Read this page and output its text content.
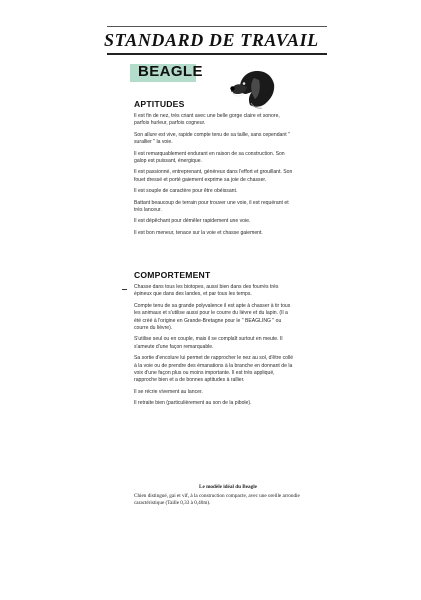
STANDARD DE TRAVAIL
BEAGLE
APTITUDES

Il est fin de nez, très criant avec une belle gorge claire et sonore, parfois hurleur, parfois cogneur.

Son allure est vive, rapide compte tenu de sa taille, sans cependant " surallier " la voie.

Il est remarquablement endurant en raison de sa construction. Son galop est puissant, énergique.

Il est passionné, entreprenant, généreux dans l'effort et grouillant. Son fouet dressé et porté gaiement exprime sa joie de chasser.

Il est souple de caractère pour être obéissant.

Battant beaucoup de terrain pour trouver une voie, il est requérant et très lanceur.

Il est dépêchant pour démêler rapidement une voie.

Il est bon meneur, tenace sur la voie et chasse gaiement.

COMPORTEMENT

Chasse dans tous les biotopes, aussi bien dans des fourrés très épineux que dans des landes, et par tous les temps.

Compte tenu de sa grande polyvalence il est apte à chasser à tir tous les animaux et s'utilise aussi pour le courre du lièvre et du lapin. (Il a été créé à l'origine en Grande-Bretagne pour le " BEAGLING " ou courre du lièvre).

S'utilise seul ou en couple, mais il se complaît surtout en meute. Il s'ameute d'une façon remarquable.

Sa sortie d'encolure lui permet de rapprocher le nez au sol, d'être collé à la voie ou de prendre des émanations à la branche en donnant de la voix d'une façon plus ou moins importante. Il est très appliqué, rapproche bien et a de bonnes aptitudes à rallier.

Il se récrie vivement au lancer.

Il retraite bien (particulièrement au son de la pibole).

Le modèle idéal du Beagle

Chien distingué, gai et vif, à la construction compacte, avec une oreille arrondie caractéristique (Taille 0,33 à 0,40m).
